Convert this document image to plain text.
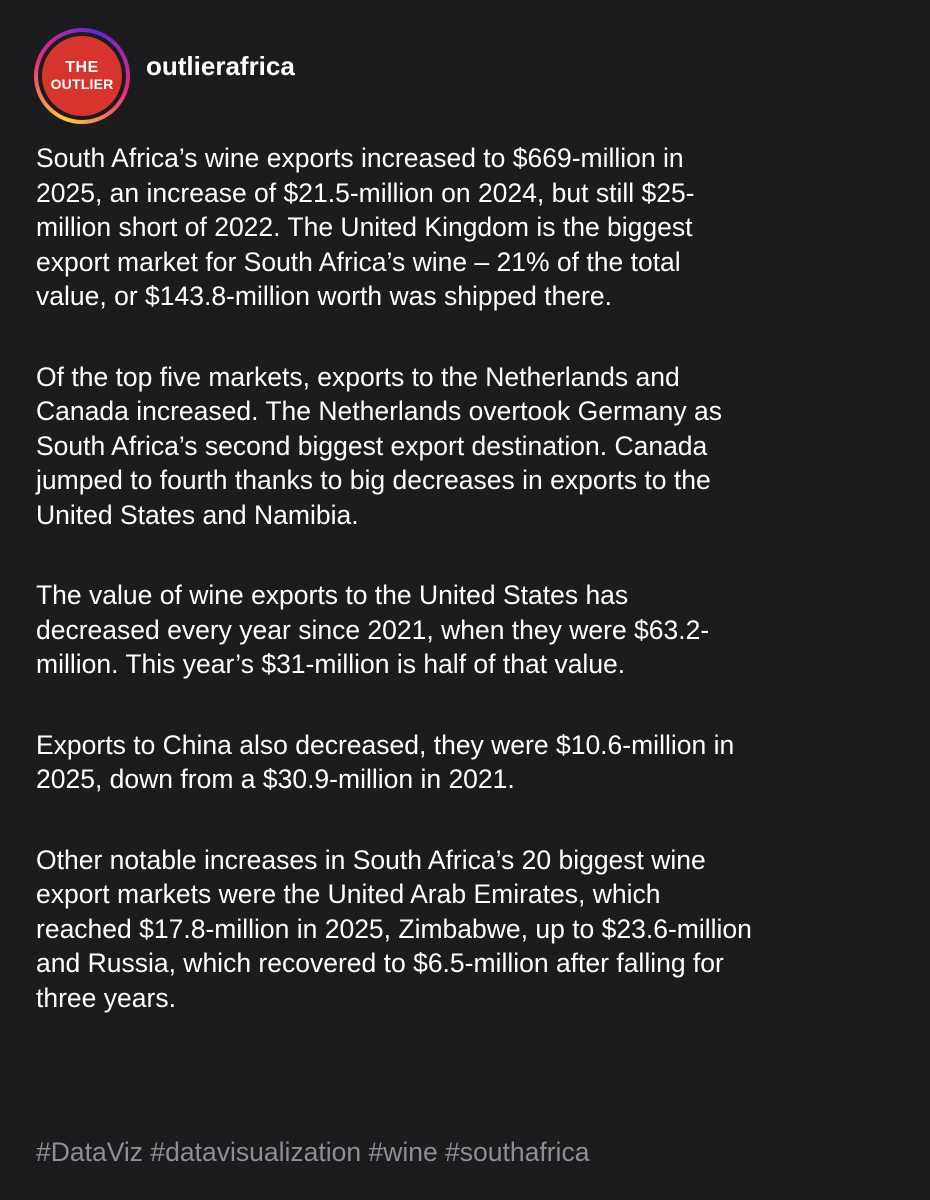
THE
OUTLIER
outlierafrica

South Africa’s wine exports increased to $669-million in
2025, an increase of $21.5-million on 2024, but still $25-
million short of 2022. The United Kingdom is the biggest
export market for South Africa’s wine – 21% of the total
value, or $143.8-million worth was shipped there.

Of the top five markets, exports to the Netherlands and
Canada increased. The Netherlands overtook Germany as
South Africa’s second biggest export destination. Canada
jumped to fourth thanks to big decreases in exports to the
United States and Namibia.

The value of wine exports to the United States has
decreased every year since 2021, when they were $63.2-
million. This year’s $31-million is half of that value.

Exports to China also decreased, they were $10.6-million in
2025, down from a $30.9-million in 2021.

Other notable increases in South Africa’s 20 biggest wine
export markets were the United Arab Emirates, which
reached $17.8-million in 2025, Zimbabwe, up to $23.6-million
and Russia, which recovered to $6.5-million after falling for
three years.

#DataViz #datavisualization #wine #southafrica
